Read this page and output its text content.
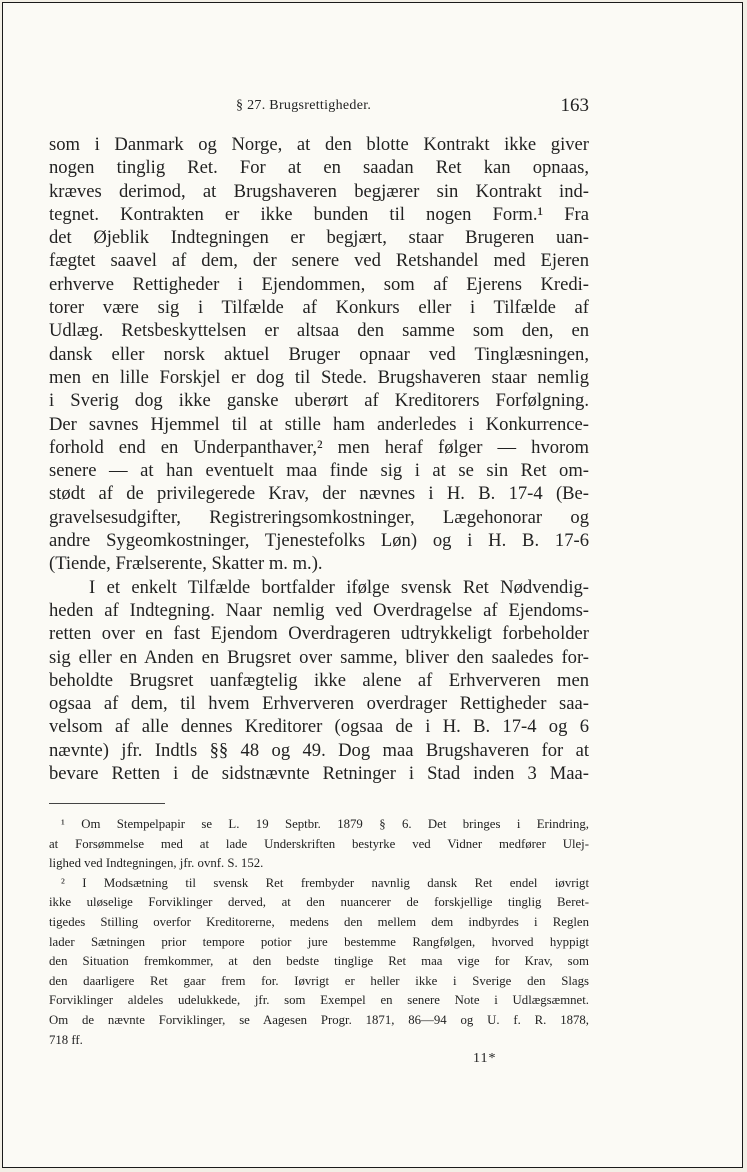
§ 27. Brugsrettigheder.	163
som i Danmark og Norge, at den blotte Kontrakt ikke giver
nogen tinglig Ret. For at en saadan Ret kan opnaas,
kræves derimod, at Brugshaveren begjærer sin Kontrakt ind-
tegnet. Kontrakten er ikke bunden til nogen Form.¹ Fra
det Øjeblik Indtegningen er begjært, staar Brugeren uan-
fægtet saavel af dem, der senere ved Retshandel med Ejeren
erhverve Rettigheder i Ejendommen, som af Ejerens Kredi-
torer være sig i Tilfælde af Konkurs eller i Tilfælde af
Udlæg. Retsbeskyttelsen er altsaa den samme som den, en
dansk eller norsk aktuel Bruger opnaar ved Tinglæsningen,
men en lille Forskjel er dog til Stede. Brugshaveren staar nemlig
i Sverig dog ikke ganske uberørt af Kreditorers Forfølgning.
Der savnes Hjemmel til at stille ham anderledes i Konkurrence-
forhold end en Underpanthaver,² men heraf følger — hvorom
senere — at han eventuelt maa finde sig i at se sin Ret om-
stødt af de privilegerede Krav, der nævnes i H. B. 17-4 (Be-
gravelsesudgifter, Registreringsomkostninger, Lægehonorar og
andre Sygeomkostninger, Tjenestefolks Løn) og i H. B. 17-6
(Tiende, Frælserente, Skatter m. m.).
I et enkelt Tilfælde bortfalder ifølge svensk Ret Nødvendig-
heden af Indtegning. Naar nemlig ved Overdragelse af Ejendoms-
retten over en fast Ejendom Overdrageren udtrykkeligt forbeholder
sig eller en Anden en Brugsret over samme, bliver den saaledes for-
beholdte Brugsret uanfægtelig ikke alene af Erhververen men
ogsaa af dem, til hvem Erhververen overdrager Rettigheder saa-
velsom af alle dennes Kreditorer (ogsaa de i H. B. 17-4 og 6
nævnte) jfr. Indtls §§ 48 og 49. Dog maa Brugshaveren for at
bevare Retten i de sidstnævnte Retninger i Stad inden 3 Maa-
¹ Om Stempelpapir se L. 19 Septbr. 1879 § 6. Det bringes i Erindring,
at Forsømmelse med at lade Underskriften bestyrke ved Vidner medfører Ulej-
lighed ved Indtegningen, jfr. ovnf. S. 152.
² I Modsætning til svensk Ret frembyder navnlig dansk Ret endel iøvrigt
ikke uløselige Forviklinger derved, at den nuancerer de forskjellige tinglig Beret-
tigedes Stilling overfor Kreditorerne, medens den mellem dem indbyrdes i Reglen
lader Sætningen prior tempore potior jure bestemme Rangfølgen, hvorved hyppigt
den Situation fremkommer, at den bedste tinglige Ret maa vige for Krav, som
den daarligere Ret gaar frem for. Iøvrigt er heller ikke i Sverige den Slags
Forviklinger aldeles udelukkede, jfr. som Exempel en senere Note i Udlægsæmnet.
Om de nævnte Forviklinger, se Aagesen Progr. 1871, 86—94 og U. f. R. 1878,
718 ff.
11*
